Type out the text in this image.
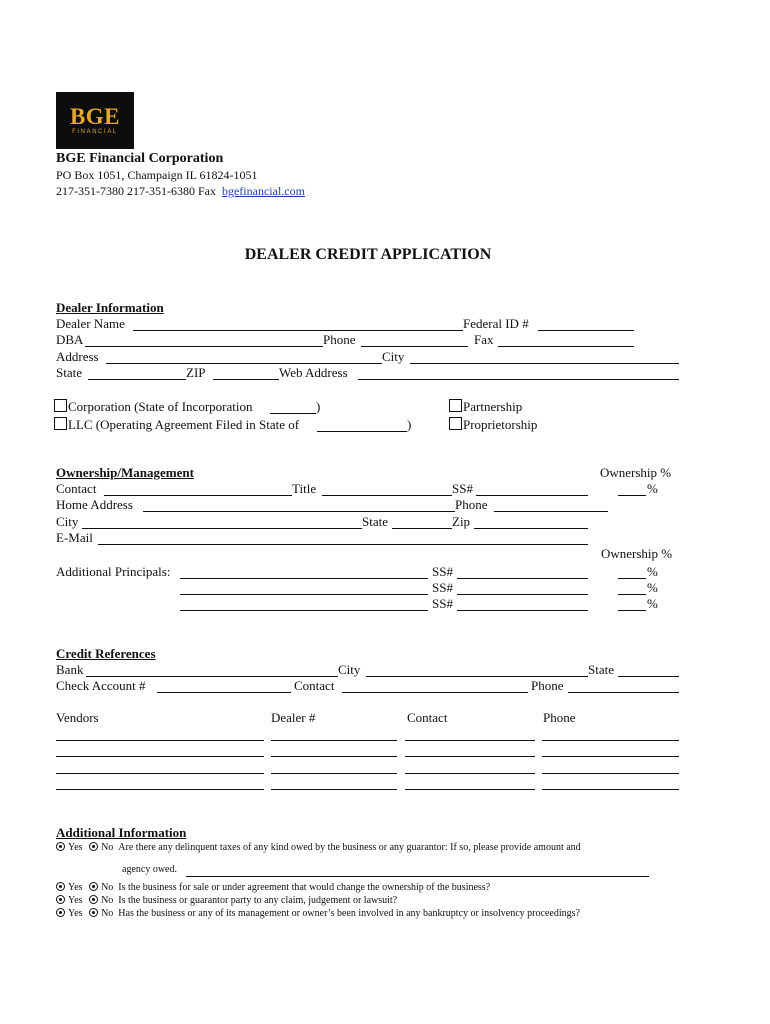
BGE
FINANCIAL
BGE Financial Corporation
PO Box 1051, Champaign IL 61824-1051
217-351-7380 217-351-6380 Fax bgefinancial.com
DEALER CREDIT APPLICATION
Dealer Information
Dealer Name	Federal ID #
DBA	Phone	Fax
Address	City
State	ZIP	Web Address
Corporation (State of Incorporation	)
LLC (Operating Agreement Filed in State of	)
Partnership
Proprietorship
Ownership/Management	Ownership %
Contact	Title	SS#	%
Home Address	Phone
City	State	Zip
E-Mail
Ownership %
Additional Principals:	SS#	%
SS#	%
SS#	%
Credit References
Bank	City	State
Check Account #	Contact	Phone
Vendors	Dealer #	Contact	Phone
Additional Information
Yes No Are there any delinquent taxes of any kind owed by the business or any guarantor: If so, please provide amount and
agency owed.
Yes No Is the business for sale or under agreement that would change the ownership of the business?
Yes No Is the business or guarantor party to any claim, judgement or lawsuit?
Yes No Has the business or any of its management or owner’s been involved in any bankruptcy or insolvency proceedings?
